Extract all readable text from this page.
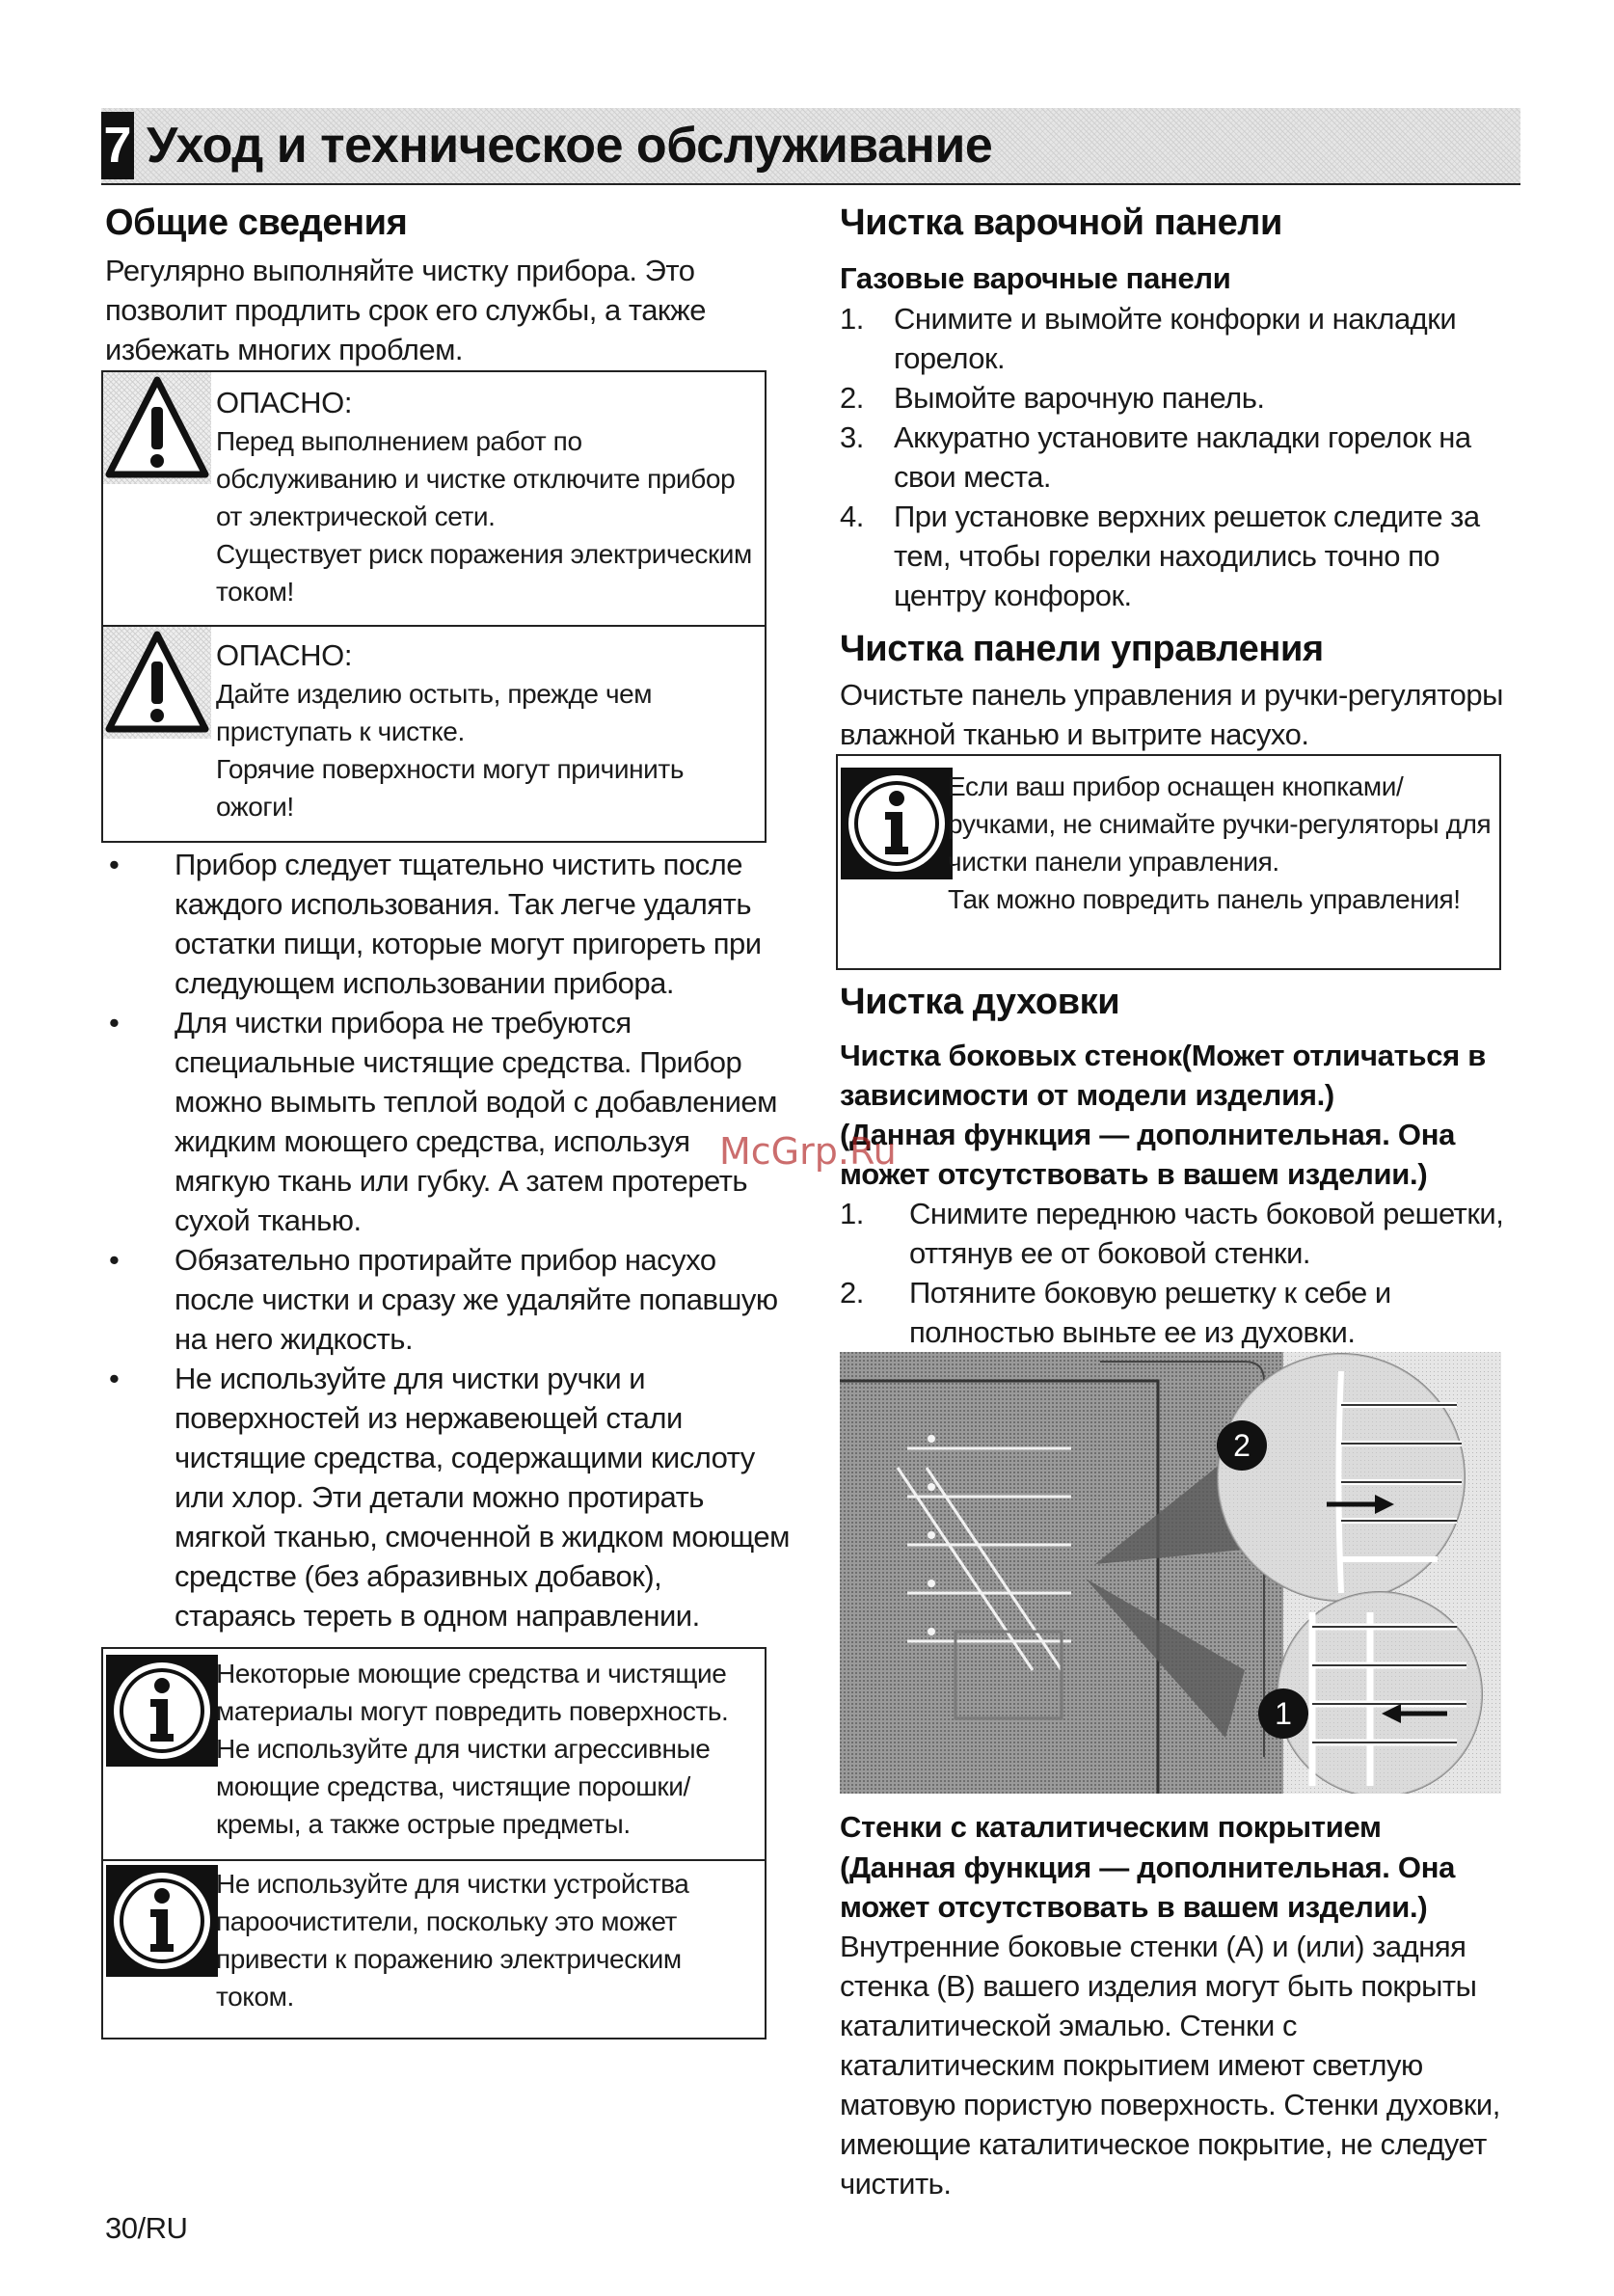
7 Уход и техническое обслуживание
Общие сведения
Регулярно выполняйте чистку прибора. Это позволит продлить срок его службы, а также избежать многих проблем.
ОПАСНО:
Перед выполнением работ по обслуживанию и чистке отключите прибор от электрической сети.
Существует риск поражения электрическим током!
ОПАСНО:
Дайте изделию остыть, прежде чем приступать к чистке.
Горячие поверхности могут причинить ожоги!
• Прибор следует тщательно чистить после каждого использования. Так легче удалять остатки пищи, которые могут пригореть при следующем использовании прибора.
• Для чистки прибора не требуются специальные чистящие средства. Прибор можно вымыть теплой водой с добавлением жидким моющего средства, используя мягкую ткань или губку. А затем протереть сухой тканью.
• Обязательно протирайте прибор насухо после чистки и сразу же удаляйте попавшую на него жидкость.
• Не используйте для чистки ручки и поверхностей из нержавеющей стали чистящие средства, содержащими кислоту или хлор. Эти детали можно протирать мягкой тканью, смоченной в жидком моющем средстве (без абразивных добавок), стараясь тереть в одном направлении.
Некоторые моющие средства и чистящие материалы могут повредить поверхность. Не используйте для чистки агрессивные моющие средства, чистящие порошки/кремы, а также острые предметы.
Не используйте для чистки устройства пароочистители, поскольку это может привести к поражению электрическим током.
Чистка варочной панели
Газовые варочные панели
1. Снимите и вымойте конфорки и накладки горелок.
2. Вымойте варочную панель.
3. Аккуратно установите накладки горелок на свои места.
4. При установке верхних решеток следите за тем, чтобы горелки находились точно по центру конфорок.
Чистка панели управления
Очистьте панель управления и ручки-регуляторы влажной тканью и вытрите насухо.
Если ваш прибор оснащен кнопками/ручками, не снимайте ручки-регуляторы для чистки панели управления.
Так можно повредить панель управления!
Чистка духовки
Чистка боковых стенок(Может отличаться в зависимости от модели изделия.)
(Данная функция — дополнительная. Она может отсутствовать в вашем изделии.)
1. Снимите переднюю часть боковой решетки, оттянув ее от боковой стенки.
2. Потяните боковую решетку к себе и полностью выньте ее из духовки.
2
1
Стенки с каталитическим покрытием
(Данная функция — дополнительная. Она может отсутствовать в вашем изделии.)
Внутренние боковые стенки (A) и (или) задняя стенка (B) вашего изделия могут быть покрыты каталитической эмалью. Стенки с каталитическим покрытием имеют светлую матовую пористую поверхность. Стенки духовки, имеющие каталитическое покрытие, не следует чистить.
McGrp.Ru
30/RU
